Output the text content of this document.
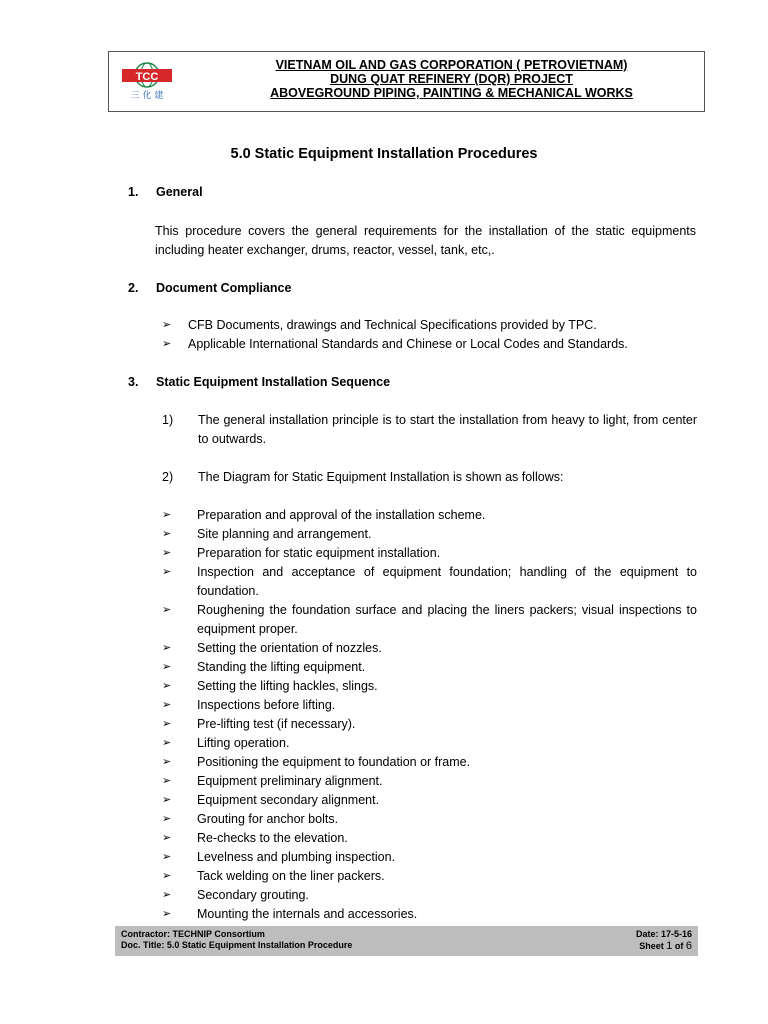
TCC
三 化 建
VIETNAM OIL AND GAS CORPORATION ( PETROVIETNAM)
DUNG QUAT REFINERY (DQR) PROJECT
ABOVEGROUND PIPING, PAINTING & MECHANICAL WORKS
5.0 Static Equipment Installation Procedures
1. General
This procedure covers the general requirements for the installation of the static equipments including heater exchanger, drums, reactor, vessel, tank, etc,.
2. Document Compliance
➢ CFB Documents, drawings and Technical Specifications provided by TPC.
➢ Applicable International Standards and Chinese or Local Codes and Standards.
3. Static Equipment Installation Sequence
1) The general installation principle is to start the installation from heavy to light, from center to outwards.
2) The Diagram for Static Equipment Installation is shown as follows:
➢ Preparation and approval of the installation scheme.
➢ Site planning and arrangement.
➢ Preparation for static equipment installation.
➢ Inspection and acceptance of equipment foundation; handling of the equipment to foundation.
➢ Roughening the foundation surface and placing the liners packers; visual inspections to equipment proper.
➢ Setting the orientation of nozzles.
➢ Standing the lifting equipment.
➢ Setting the lifting hackles, slings.
➢ Inspections before lifting.
➢ Pre-lifting test (if necessary).
➢ Lifting operation.
➢ Positioning the equipment to foundation or frame.
➢ Equipment preliminary alignment.
➢ Equipment secondary alignment.
➢ Grouting for anchor bolts.
➢ Re-checks to the elevation.
➢ Levelness and plumbing inspection.
➢ Tack welding on the liner packers.
➢ Secondary grouting.
➢ Mounting the internals and accessories.
Contractor: TECHNIP Consortium
Doc. Title: 5.0 Static Equipment Installation Procedure
Date: 17-5-16
Sheet 1 of 6
